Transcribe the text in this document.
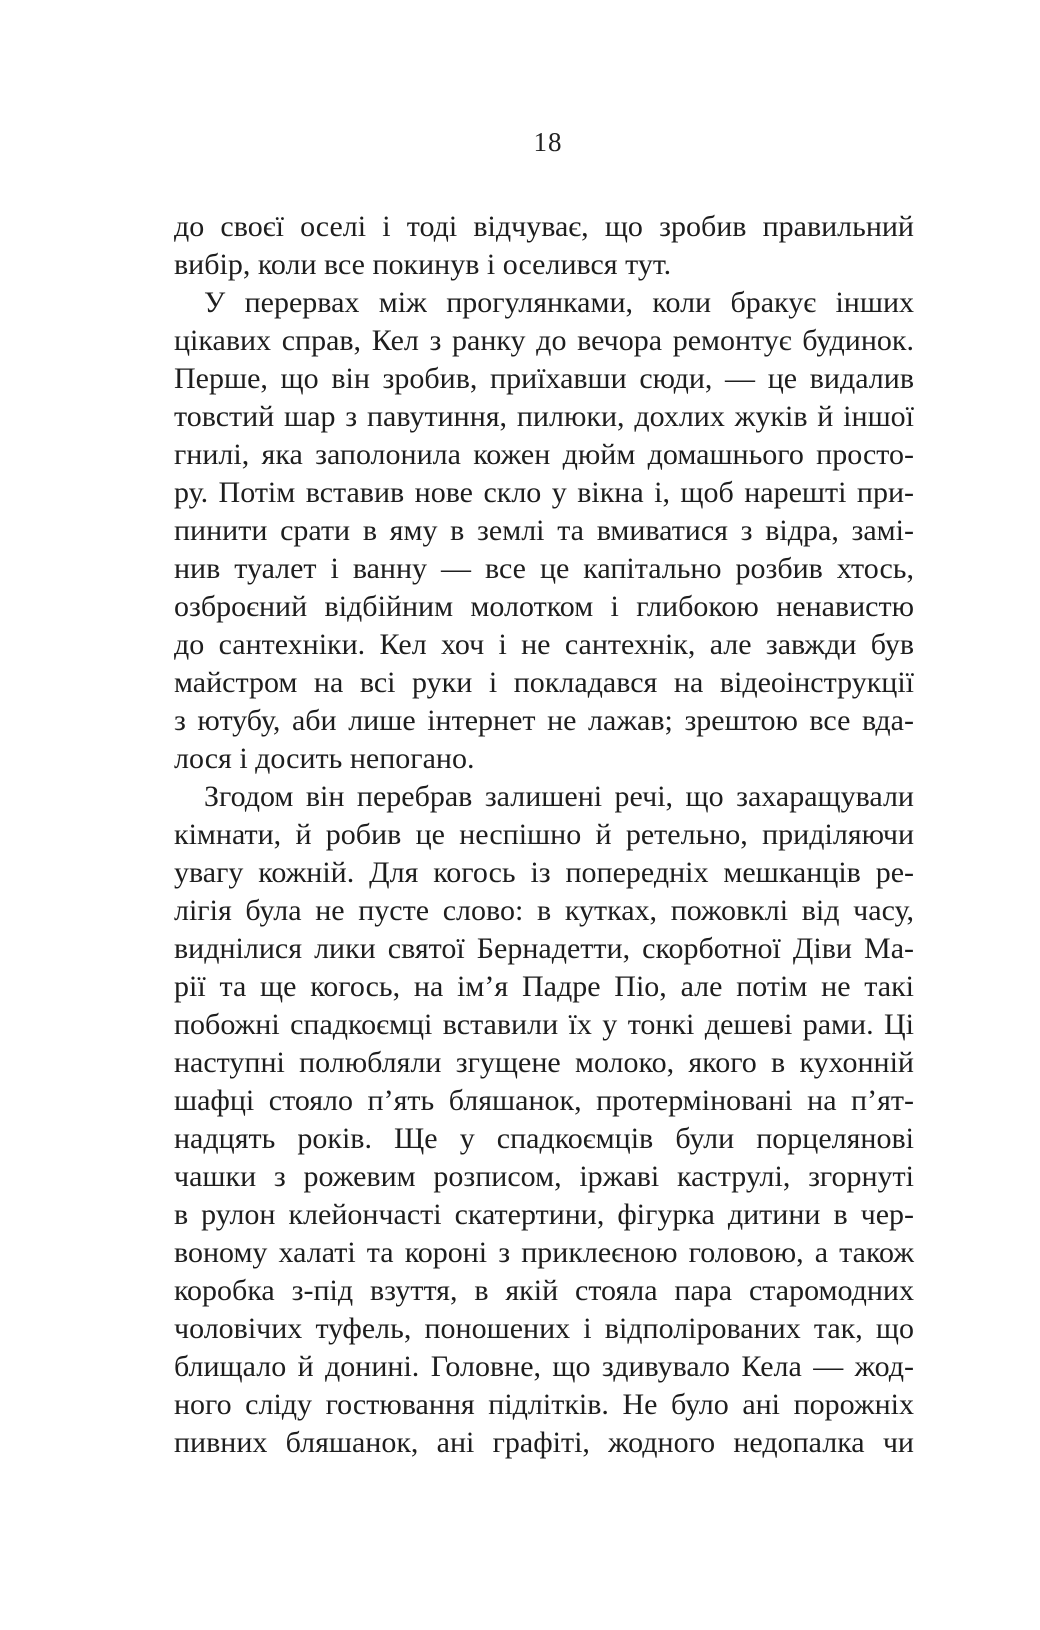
18
до своєї оселі і тоді відчуває, що зробив правильний
вибір, коли все покинув і оселився тут.
У перервах між прогулянками, коли бракує інших
цікавих справ, Кел з ранку до вечора ремонтує будинок.
Перше, що він зробив, приїхавши сюди, — це видалив
товстий шар з павутиння, пилюки, дохлих жуків й іншої
гнилі, яка заполонила кожен дюйм домашнього просто-
ру. Потім вставив нове скло у вікна і, щоб нарешті при-
пинити срати в яму в землі та вмиватися з відра, замі-
нив туалет і ванну — все це капітально розбив хтось,
озброєний відбійним молотком і глибокою ненавистю
до сантехніки. Кел хоч і не сантехнік, але завжди був
майстром на всі руки і покладався на відеоінструкції
з ютубу, аби лише інтернет не лажав; зрештою все вда-
лося і досить непогано.
Згодом він перебрав залишені речі, що захаращували
кімнати, й робив це неспішно й ретельно, приділяючи
увагу кожній. Для когось із попередніх мешканців ре-
лігія була не пусте слово: в кутках, пожовклі від часу,
виднілися лики святої Бернадетти, скорботної Діви Ма-
рії та ще когось, на ім’я Падре Піо, але потім не такі
побожні спадкоємці вставили їх у тонкі дешеві рами. Ці
наступні полюбляли згущене молоко, якого в кухонній
шафці стояло п’ять бляшанок, протерміновані на п’ят-
надцять років. Ще у спадкоємців були порцелянові
чашки з рожевим розписом, іржаві каструлі, згорнуті
в рулон клейончасті скатертини, фігурка дитини в чер-
воному халаті та короні з приклеєною головою, а також
коробка з-під взуття, в якій стояла пара старомодних
чоловічих туфель, поношених і відполірованих так, що
блищало й донині. Головне, що здивувало Кела — жод-
ного сліду гостювання підлітків. Не було ані порожніх
пивних бляшанок, ані графіті, жодного недопалка чи
